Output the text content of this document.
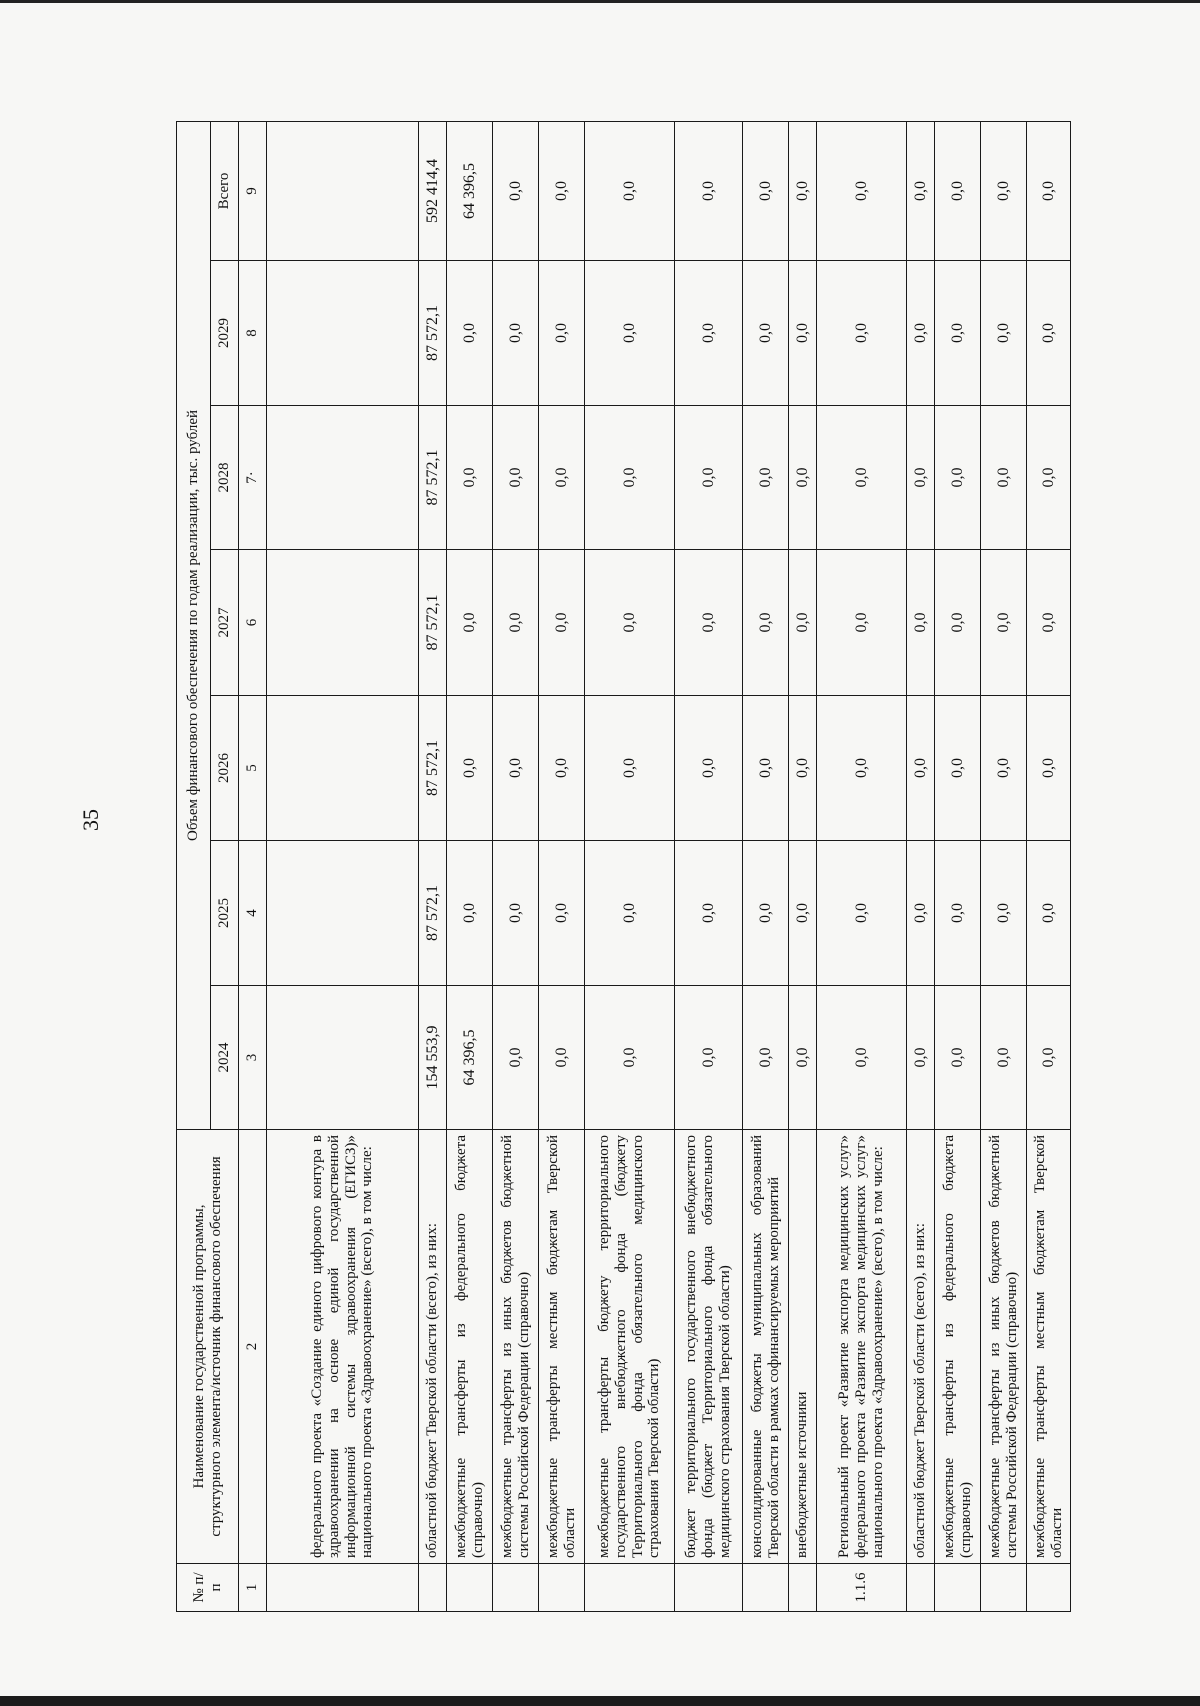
35
№ п/п	Наименование государственной программы,
структурного элемента/источник финансового обеспечения	Объем финансового обеспечения по годам реализации, тыс. рублей						
		2024	2025	2026	2027	2028	2029	Всего
1	2	3	4	5	6	7·	8	9
	федерального проекта «Создание единого цифрового контура в здравоохранении на основе единой государственной информационной системы здравоохранения (ЕГИСЗ)» национального проекта «Здравоохранение» (всего), в том числе:							
	областной бюджет Тверской области (всего), из них:	154 553,9	87 572,1	87 572,1	87 572,1	87 572,1	87 572,1	592 414,4
	межбюджетные трансферты из федерального бюджета (справочно)	64 396,5	0,0	0,0	0,0	0,0	0,0	64 396,5
	межбюджетные трансферты из иных бюджетов бюджетной системы Российской Федерации (справочно)	0,0	0,0	0,0	0,0	0,0	0,0	0,0
	межбюджетные трансферты местным бюджетам Тверской области	0,0	0,0	0,0	0,0	0,0	0,0	0,0
	межбюджетные трансферты бюджету территориального государственного внебюджетного фонда (бюджету Территориального фонда обязательного медицинского страхования Тверской области)	0,0	0,0	0,0	0,0	0,0	0,0	0,0
	бюджет территориального государственного внебюджетного фонда (бюджет Территориального фонда обязательного медицинского страхования Тверской области)	0,0	0,0	0,0	0,0	0,0	0,0	0,0
	консолидированные бюджеты муниципальных образований Тверской области в рамках софинансируемых мероприятий	0,0	0,0	0,0	0,0	0,0	0,0	0,0
	внебюджетные источники	0,0	0,0	0,0	0,0	0,0	0,0	0,0
1.1.6	Региональный проект «Развитие экспорта медицинских услуг» федерального проекта «Развитие экспорта медицинских услуг» национального проекта «Здравоохранение» (всего), в том числе:	0,0	0,0	0,0	0,0	0,0	0,0	0,0
	областной бюджет Тверской области (всего), из них:	0,0	0,0	0,0	0,0	0,0	0,0	0,0
	межбюджетные трансферты из федерального бюджета (справочно)	0,0	0,0	0,0	0,0	0,0	0,0	0,0
	межбюджетные трансферты из иных бюджетов бюджетной системы Российской Федерации (справочно)	0,0	0,0	0,0	0,0	0,0	0,0	0,0
	межбюджетные трансферты местным бюджетам Тверской области	0,0	0,0	0,0	0,0	0,0	0,0	0,0
